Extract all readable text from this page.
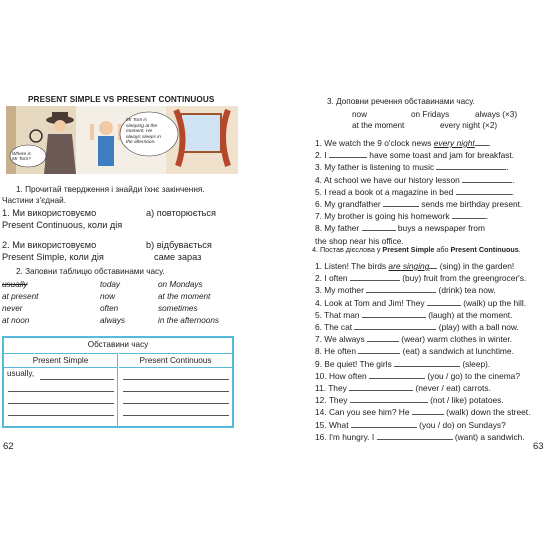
PRESENT SIMPLE VS PRESENT CONTINUOUS
Where is Mr Tom?
Mr Tom is sleeping at the moment. He always sleeps in the afternoon.
1. Прочитай твердження і знайди їхнє закінчення.
Частини з'єднай.
1. Ми використовуємо
Present Continuous, коли дія
а) повторюється
2. Ми використовуємо
Present Simple, коли дія
b) відбувається
саме зараз
2. Заповни таблицю обставинами часу.
usually	today	on Mondays
at present	now	at the moment
never	often	sometimes
at noon	always	in the afternoons
Обставини часу
Present Simple
usually,
Present Continuous
62
3. Доповни речення обставинами часу.
now	on Fridays	always (×3)
at the moment	every night (×2)
1. We watch the 9 o'clock news every night .
2. I	have some toast and jam for breakfast.
3. My father is listening to music	.
4. At school we have our history lesson	.
5. I read a book ot a magazine in bed	.
6. My grandfather	sends me birthday present.
7. My brother is going his homework	.
8. My father	buys a newspaper from
the shop near his office.
4. Постав дієслова у Present Simple або Present Continuous.
1. Listen! The birds are singing (sing) in the garden!
2. I often	(buy) fruit from the greengrocer's.
3. My mother	(drink) tea now.
4. Look at Tom and Jim! They	(walk) up the hill.
5. That man	(laugh) at the moment.
6. The cat	(play) with a ball now.
7. We always	(wear) warm clothes in winter.
8. He often	(eat) a sandwich at lunchtime.
9. Be quiet! The girls	(sleep).
10. How often	(you / go) to the cinema?
11. They	(never / eat) carrots.
12. They	(not / like) potatoes.
14. Can you see him? He	(walk) down the street.
15. What	(you / do) on Sundays?
16. I'm hungry. I	(want) a sandwich.
63
